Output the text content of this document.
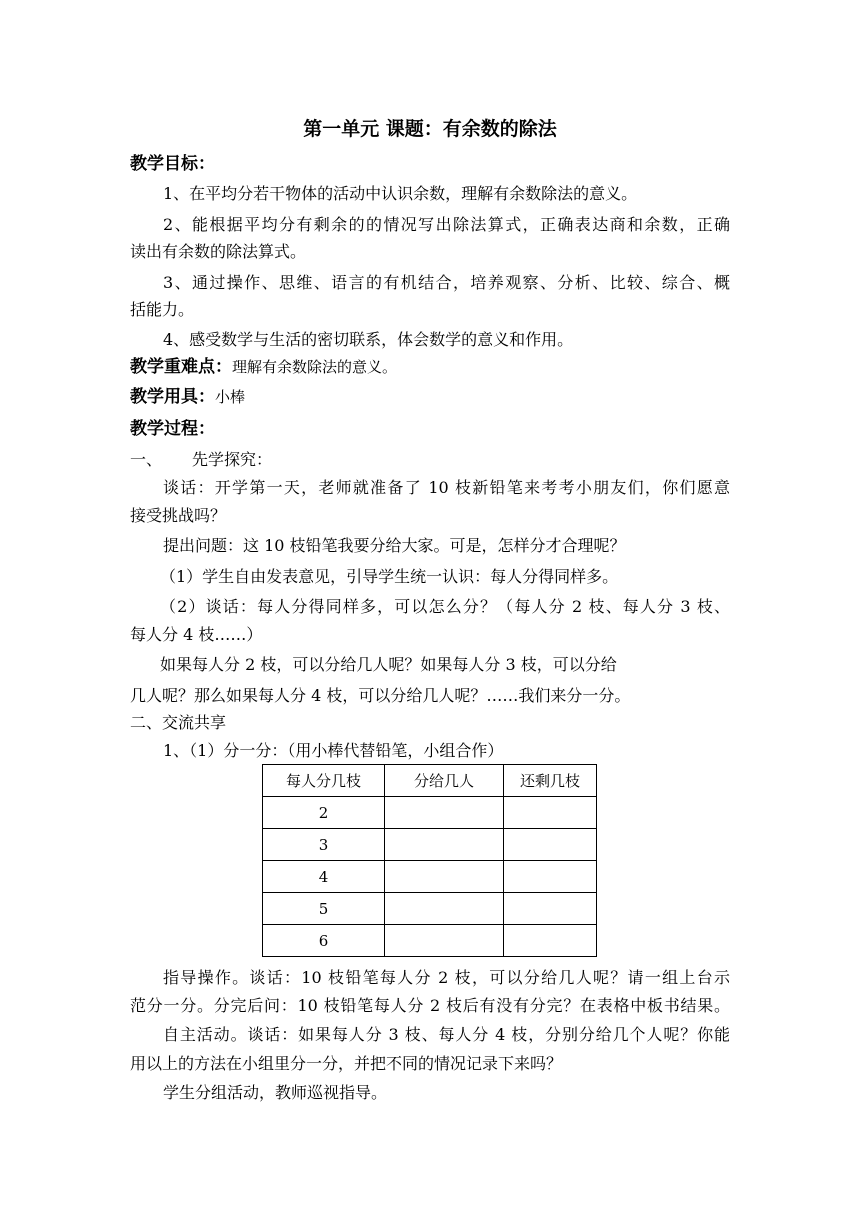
第一单元 课题：有余数的除法
教学目标：
1、在平均分若干物体的活动中认识余数，理解有余数除法的意义。
2、能根据平均分有剩余的的情况写出除法算式，正确表达商和余数，正确
读出有余数的除法算式。
3、通过操作、思维、语言的有机结合，培养观察、分析、比较、综合、概
括能力。
4、感受数学与生活的密切联系，体会数学的意义和作用。
教学重难点：理解有余数除法的意义。
教学用具：小棒
教学过程：
一、 先学探究：
谈话：开学第一天，老师就准备了 10 枝新铅笔来考考小朋友们，你们愿意
接受挑战吗？
提出问题：这 10 枝铅笔我要分给大家。可是，怎样分才合理呢？
（1）学生自由发表意见，引导学生统一认识：每人分得同样多。
（2）谈话：每人分得同样多，可以怎么分？（每人分 2 枝、每人分 3 枝、
每人分 4 枝……）
如果每人分 2 枝，可以分给几人呢？如果每人分 3 枝，可以分给
几人呢？那么如果每人分 4 枝，可以分给几人呢？……我们来分一分。
二、交流共享
1、（1）分一分：（用小棒代替铅笔，小组合作）
每人分几枝	分给几人	还剩几枝
2		
3		
4		
5		
6		
指导操作。谈话：10 枝铅笔每人分 2 枝，可以分给几人呢？请一组上台示
范分一分。分完后问：10 枝铅笔每人分 2 枝后有没有分完？在表格中板书结果。
自主活动。谈话：如果每人分 3 枝、每人分 4 枝，分别分给几个人呢？你能
用以上的方法在小组里分一分，并把不同的情况记录下来吗？
学生分组活动，教师巡视指导。
